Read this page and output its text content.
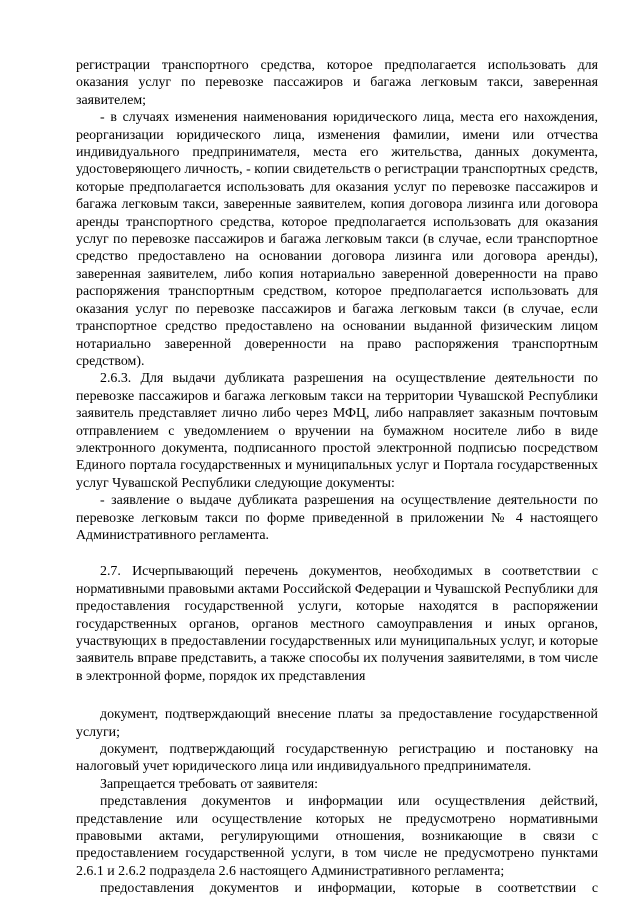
регистрации транспортного средства, которое предполагается использовать для оказания услуг по перевозке пассажиров и багажа легковым такси, заверенная заявителем;

- в случаях изменения наименования юридического лица, места его нахождения, реорганизации юридического лица, изменения фамилии, имени или отчества индивидуального предпринимателя, места его жительства, данных документа, удостоверяющего личность, - копии свидетельств о регистрации транспортных средств, которые предполагается использовать для оказания услуг по перевозке пассажиров и багажа легковым такси, заверенные заявителем, копия договора лизинга или договора аренды транспортного средства, которое предполагается использовать для оказания услуг по перевозке пассажиров и багажа легковым такси (в случае, если транспортное средство предоставлено на основании договора лизинга или договора аренды), заверенная заявителем, либо копия нотариально заверенной доверенности на право распоряжения транспортным средством, которое предполагается использовать для оказания услуг по перевозке пассажиров и багажа легковым такси (в случае, если транспортное средство предоставлено на основании выданной физическим лицом нотариально заверенной доверенности на право распоряжения транспортным средством).

2.6.3. Для выдачи дубликата разрешения на осуществление деятельности по перевозке пассажиров и багажа легковым такси на территории Чувашской Республики заявитель представляет лично либо через МФЦ, либо направляет заказным почтовым отправлением с уведомлением о вручении на бумажном носителе либо в виде электронного документа, подписанного простой электронной подписью посредством Единого портала государственных и муниципальных услуг и Портала государственных услуг Чувашской Республики следующие документы:

- заявление о выдаче дубликата разрешения на осуществление деятельности по перевозке легковым такси по форме приведенной в приложении № 4 настоящего Административного регламента.

2.7. Исчерпывающий перечень документов, необходимых в соответствии с нормативными правовыми актами Российской Федерации и Чувашской Республики для предоставления государственной услуги, которые находятся в распоряжении государственных органов, органов местного самоуправления и иных органов, участвующих в предоставлении государственных или муниципальных услуг, и которые заявитель вправе представить, а также способы их получения заявителями, в том числе в электронной форме, порядок их представления

документ, подтверждающий внесение платы за предоставление государственной услуги;

документ, подтверждающий государственную регистрацию и постановку на налоговый учет юридического лица или индивидуального предпринимателя.

Запрещается требовать от заявителя:

представления документов и информации или осуществления действий, представление или осуществление которых не предусмотрено нормативными правовыми актами, регулирующими отношения, возникающие в связи с предоставлением государственной услуги, в том числе не предусмотрено пунктами 2.6.1 и 2.6.2 подраздела 2.6 настоящего Административного регламента;

предоставления документов и информации, которые в соответствии с
